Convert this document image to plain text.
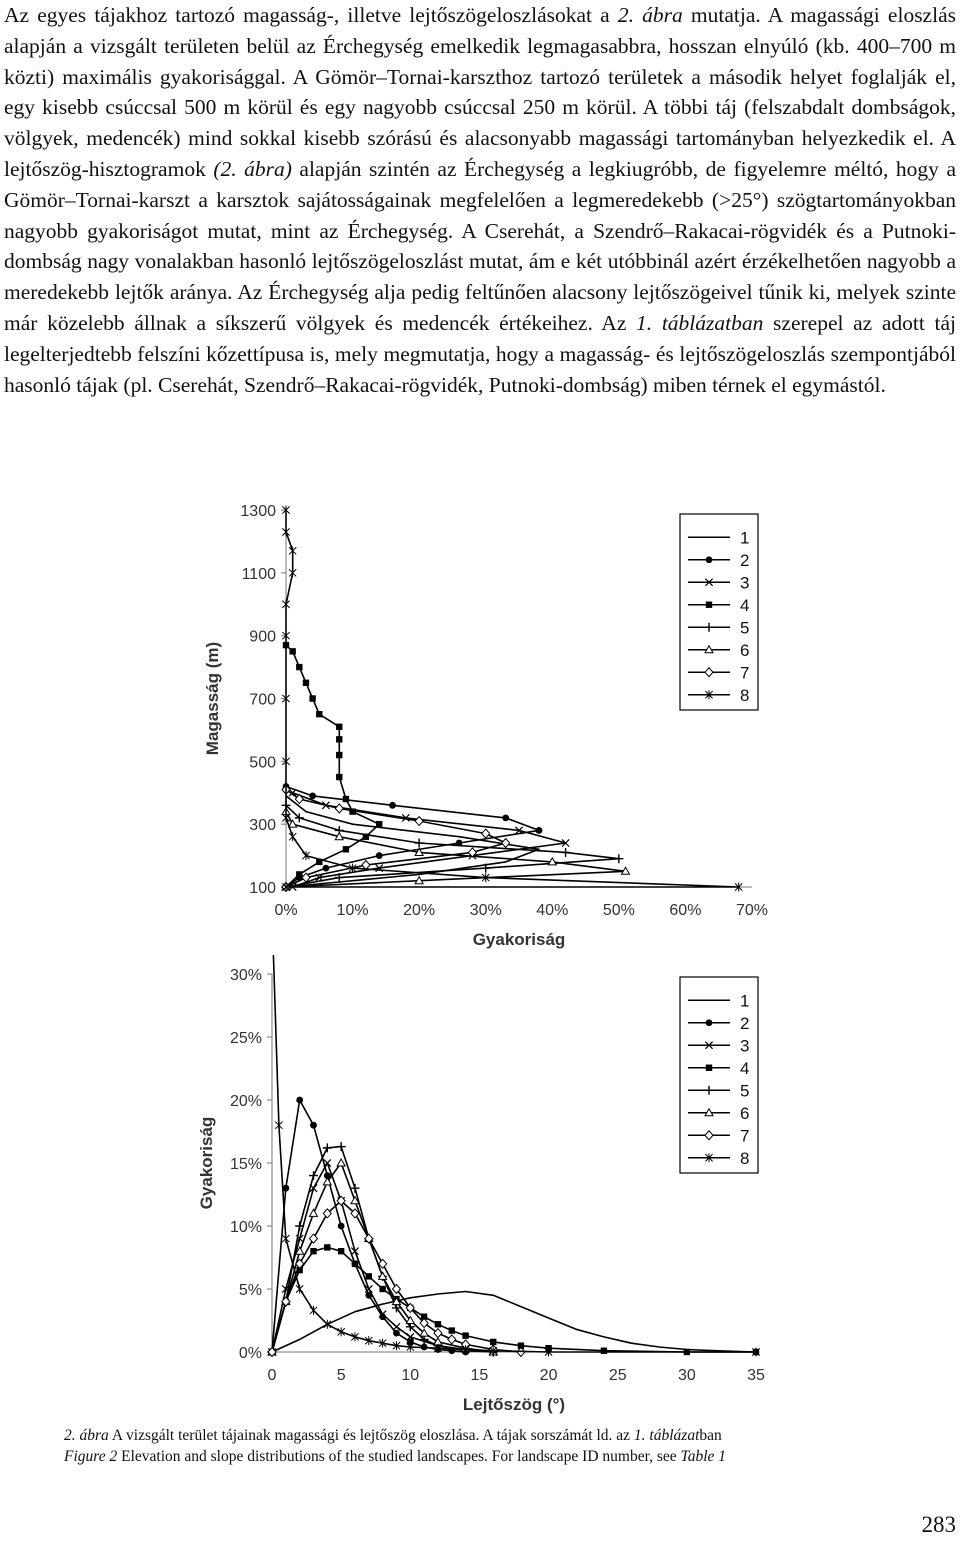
Az egyes tájakhoz tartozó magasság-, illetve lejtőszögeloszlásokat a 2. ábra mutatja. A magassági eloszlás alapján a vizsgált területen belül az Érchegység emelkedik legmagasabbra, hosszan elnyúló (kb. 400–700 m közti) maximális gyakorisággal. A Gömör–Tornai-karszthoz tartozó területek a második helyet foglalják el, egy kisebb csúccsal 500 m körül és egy nagyobb csúccsal 250 m körül. A többi táj (felszabdalt dombságok, völgyek, medencék) mind sokkal kisebb szórású és alacsonyabb magassági tartományban helyezkedik el. A lejtőszög-hisztogramok (2. ábra) alapján szintén az Érchegység a legkiugróbb, de figyelemre méltó, hogy a Gömör–Tornai-karszt a karsztok sajátosságainak megfelelően a legmeredekebb (>25°) szögtartományokban nagyobb gyakoriságot mutat, mint az Érchegység. A Cserehát, a Szendrő–Rakacai-rögvidék és a Putnoki-dombság nagy vonalakban hasonló lejtőszögeloszlást mutat, ám e két utóbbinál azért érzékelhetően nagyobb a meredekebb lejtők aránya. Az Érchegység alja pedig feltűnően alacsony lejtőszögeivel tűnik ki, melyek szinte már közelebb állnak a síkszerű völgyek és medencék értékeihez. Az 1. táblázatban szerepel az adott táj legelterjedtebb felszíni kőzettípusa is, mely megmutatja, hogy a magasság- és lejtőszögeloszlás szempontjából hasonló tájak (pl. Cserehát, Szendrő–Rakacai-rögvidék, Putnoki-dombság) miben térnek el egymástól.

0% 10% 20% 30% 40% 50% 60% 70%
100
300
500
700
900
1100
1300
Gyakoriság
Magasság (m)
1
2
3
4
5
6
7
8
0	5	10	15	20	25	30	35
0%
5%
10%
15%
20%
25%
30%
Lejtőszög (°)
Gyakoriság
1
2
3
4
5
6
7
8
2. ábra A vizsgált terület tájainak magassági és lejtőszög eloszlása. A tájak sorszámát ld. az 1. táblázatban
Figure 2 Elevation and slope distributions of the studied landscapes. For landscape ID number, see Table 1
283
